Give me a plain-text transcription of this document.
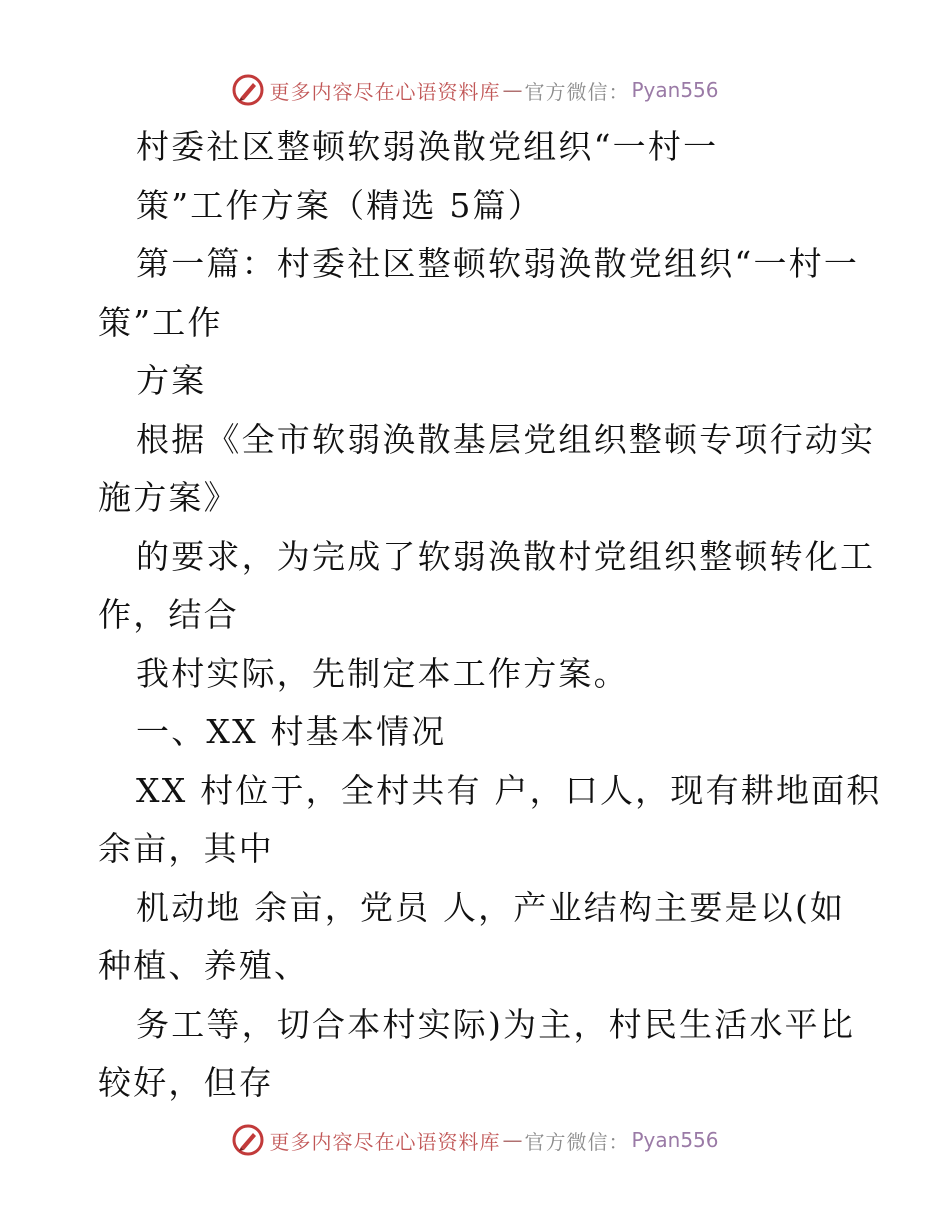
更多内容尽在心语资料库 — 官方微信： Pyan556
村委社区整顿软弱涣散党组织“一村一
策”工作方案（精选 5篇）
第一篇：村委社区整顿软弱涣散党组织“一村一
策”工作
方案
根据《全市软弱涣散基层党组织整顿专项行动实
施方案》
的要求，为完成了软弱涣散村党组织整顿转化工
作，结合
我村实际，先制定本工作方案。
一、XX 村基本情况
XX 村位于，全村共有 户，口人，现有耕地面积
余亩，其中
机动地 余亩，党员 人，产业结构主要是以(如
种植、养殖、
务工等，切合本村实际)为主，村民生活水平比
较好，但存
更多内容尽在心语资料库 — 官方微信： Pyan556
